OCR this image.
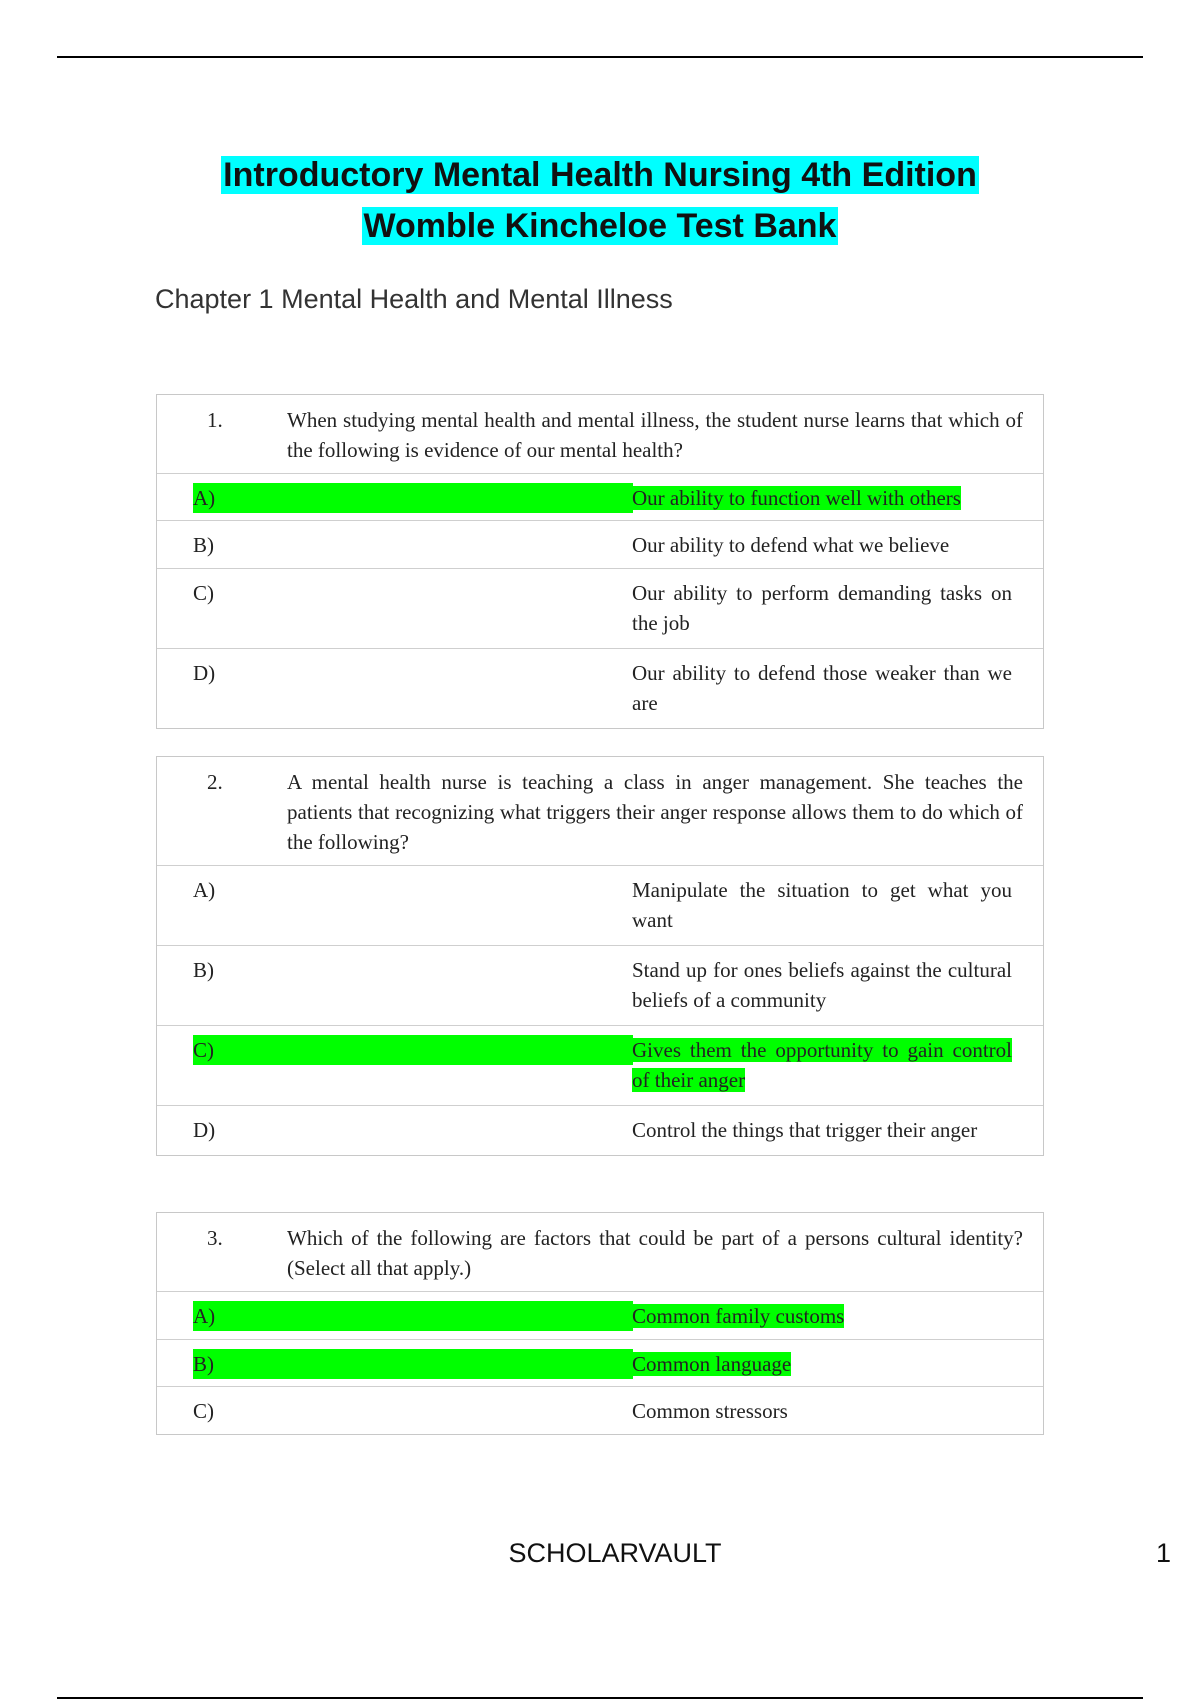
Introductory Mental Health Nursing 4th Edition
Womble Kincheloe Test Bank
Chapter 1 Mental Health and Mental Illness
1.	When studying mental health and mental illness, the student nurse learns that which of the following is evidence of our mental health?
A)	Our ability to function well with others
B)	Our ability to defend what we believe
C)	Our ability to perform demanding tasks on the job
D)	Our ability to defend those weaker than we are
2.	A mental health nurse is teaching a class in anger management. She teaches the patients that recognizing what triggers their anger response allows them to do which of the following?
A)	Manipulate the situation to get what you want
B)	Stand up for ones beliefs against the cultural beliefs of a community
C)	Gives them the opportunity to gain control of their anger
D)	Control the things that trigger their anger
3.	Which of the following are factors that could be part of a persons cultural identity? (Select all that apply.)
A)	Common family customs
B)	Common language
C)	Common stressors
SCHOLARVAULT	1
